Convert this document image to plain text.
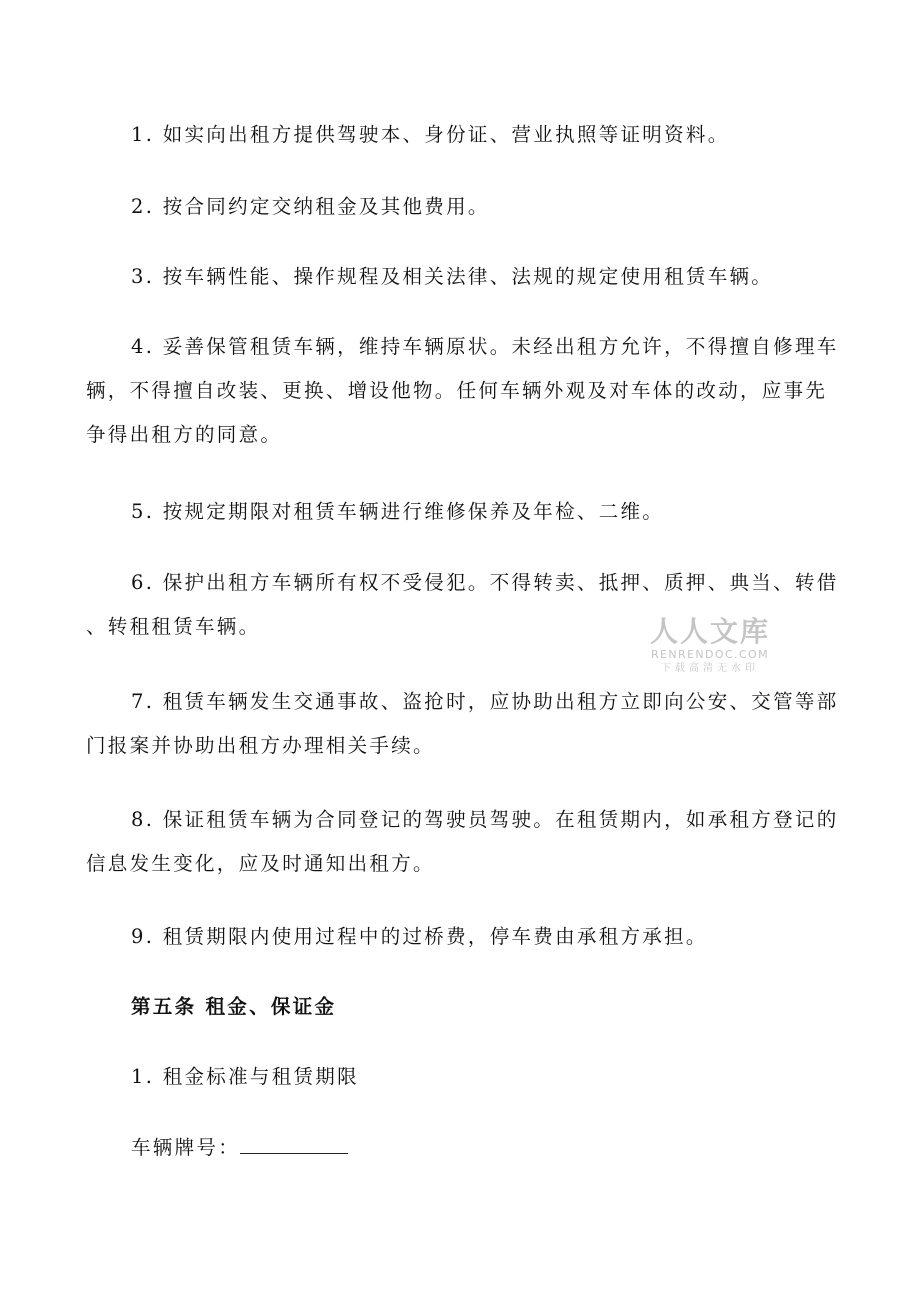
1. 如实向出租方提供驾驶本、身份证、营业执照等证明资料。
2. 按合同约定交纳租金及其他费用。
3. 按车辆性能、操作规程及相关法律、法规的规定使用租赁车辆。
4. 妥善保管租赁车辆，维持车辆原状。未经出租方允许，不得擅自修理车
辆，不得擅自改装、更换、增设他物。任何车辆外观及对车体的改动，应事先
争得出租方的同意。
5. 按规定期限对租赁车辆进行维修保养及年检、二维。
6. 保护出租方车辆所有权不受侵犯。不得转卖、抵押、质押、典当、转借
、转租租赁车辆。
7. 租赁车辆发生交通事故、盗抢时，应协助出租方立即向公安、交管等部
门报案并协助出租方办理相关手续。
8. 保证租赁车辆为合同登记的驾驶员驾驶。在租赁期内，如承租方登记的
信息发生变化，应及时通知出租方。
9. 租赁期限内使用过程中的过桥费，停车费由承租方承担。
第五条 租金、保证金
1. 租金标准与租赁期限
车辆牌号：
人人文库
RENRENDOC.COM
下载高清无水印
